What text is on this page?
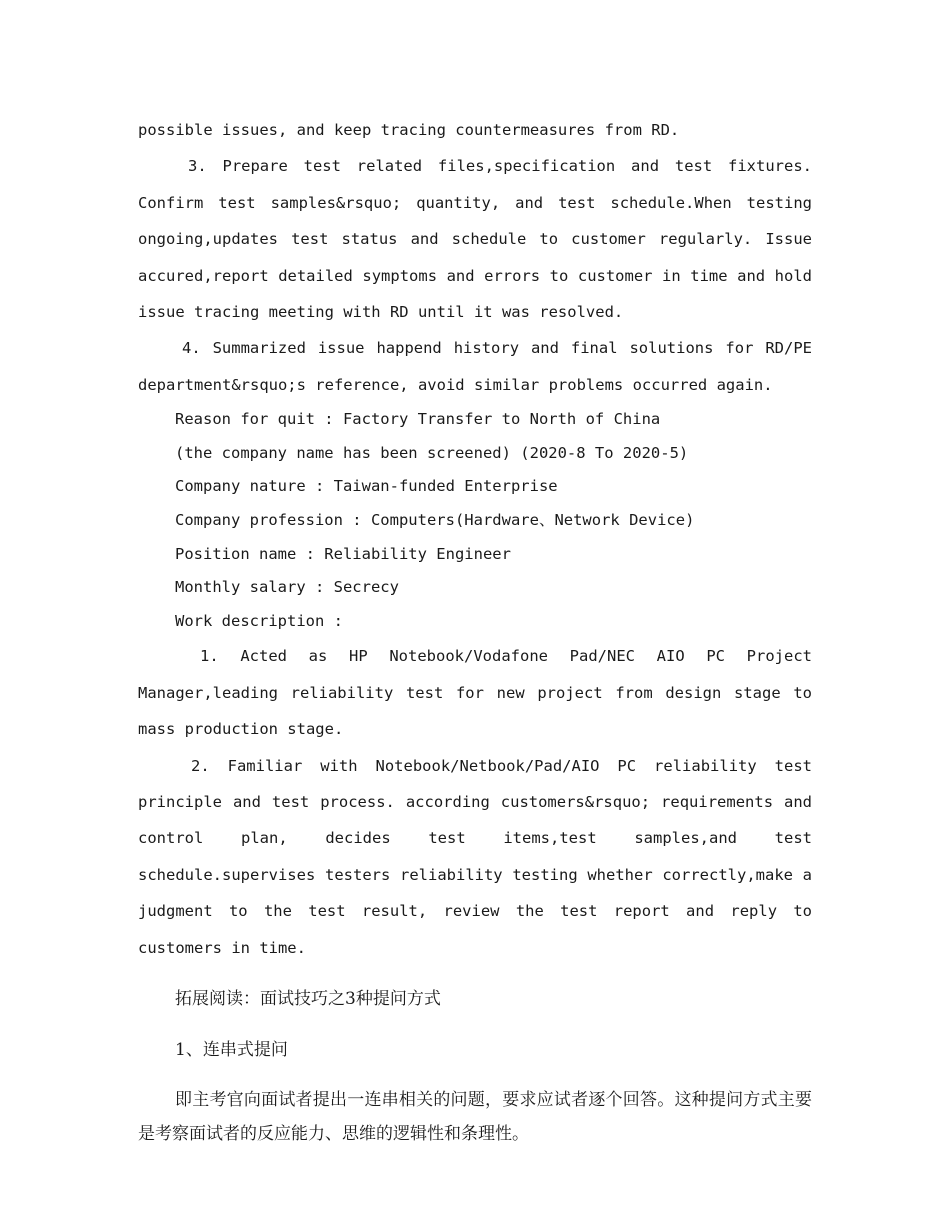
possible issues, and keep tracing countermeasures from RD.

3. Prepare test related files,specification and test fixtures. Confirm test samples&rsquo; quantity, and test schedule.When testing ongoing,updates test status and schedule to customer regularly. Issue accured,report detailed symptoms and errors to customer in time and hold issue tracing meeting with RD until it was resolved.

4. Summarized issue happend history and final solutions for RD/PE department&rsquo;s reference, avoid similar problems occurred again.

Reason for quit : Factory Transfer to North of China

(the company name has been screened) (2020-8 To 2020-5)

Company nature : Taiwan-funded Enterprise

Company profession : Computers(Hardware、Network Device)

Position name : Reliability Engineer

Monthly salary : Secrecy

Work description :

1. Acted as HP Notebook/Vodafone Pad/NEC AIO PC Project Manager,leading reliability test for new project from design stage to mass production stage.

2. Familiar with Notebook/Netbook/Pad/AIO PC reliability test principle and test process. according customers&rsquo; requirements and control plan, decides test items,test samples,and test schedule.supervises testers reliability testing whether correctly,make a judgment to the test result, review the test report and reply to customers in time.

拓展阅读：面试技巧之3种提问方式

1、连串式提问

即主考官向面试者提出一连串相关的问题，要求应试者逐个回答。这种提问方式主要是考察面试者的反应能力、思维的逻辑性和条理性。
